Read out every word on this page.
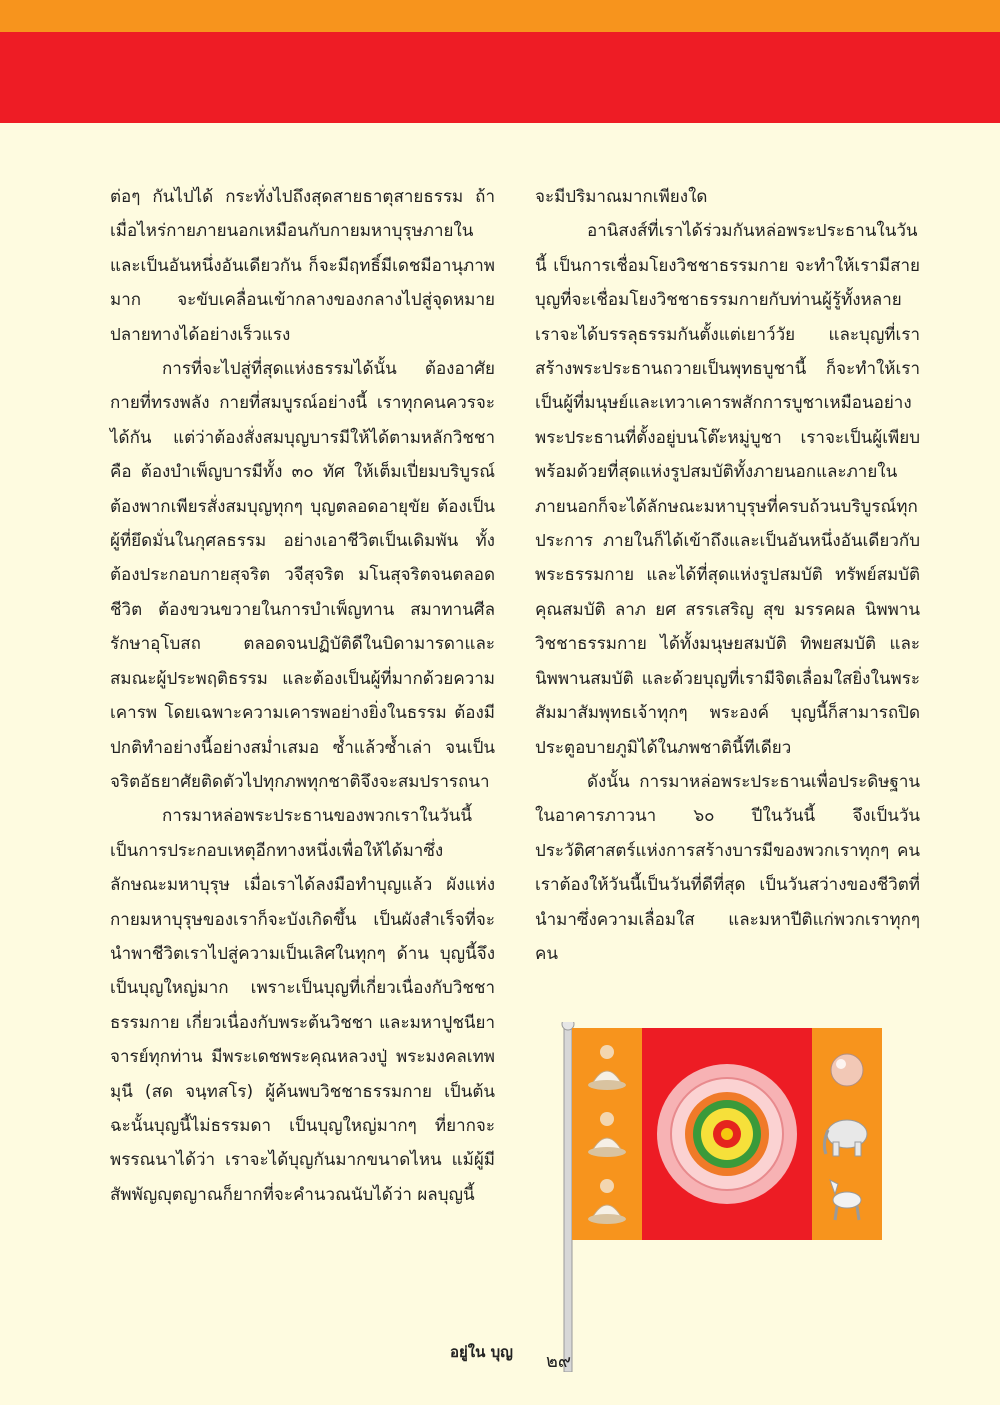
ต่อๆ กันไปได้ กระทั่งไปถึงสุดสายธาตุสายธรรม ถ้าเมื่อไหร่กายภายนอกเหมือนกับกายมหาบุรุษภายในและเป็นอันหนึ่งอันเดียวกัน ก็จะมีฤทธิ์มีเดชมีอานุภาพมาก จะขับเคลื่อนเข้ากลางของกลางไปสู่จุดหมายปลายทางได้อย่างเร็วแรง

การที่จะไปสู่ที่สุดแห่งธรรมได้นั้น ต้องอาศัยกายที่ทรงพลัง กายที่สมบูรณ์อย่างนี้ เราทุกคนควรจะได้กัน แต่ว่าต้องสั่งสมบุญบารมีให้ได้ตามหลักวิชชา คือ ต้องบำเพ็ญบารมีทั้ง ๓๐ ทัศ ให้เต็มเปี่ยมบริบูรณ์ ต้องพากเพียรสั่งสมบุญทุกๆ บุญตลอดอายุขัย ต้องเป็นผู้ที่ยึดมั่นในกุศลธรรม อย่างเอาชีวิตเป็นเดิมพัน ทั้งต้องประกอบกายสุจริต วจีสุจริต มโนสุจริตจนตลอดชีวิต ต้องขวนขวายในการบำเพ็ญทาน สมาทานศีล รักษาอุโบสถ ตลอดจนปฏิบัติดีในบิดามารดาและสมณะผู้ประพฤติธรรม และต้องเป็นผู้ที่มากด้วยความเคารพ โดยเฉพาะความเคารพอย่างยิ่งในธรรม ต้องมีปกติทำอย่างนี้อย่างสม่ำเสมอ ซ้ำแล้วซ้ำเล่า จนเป็นจริตอัธยาศัยติดตัวไปทุกภพทุกชาติจึงจะสมปรารถนา

การมาหล่อพระประธานของพวกเราในวันนี้ เป็นการประกอบเหตุอีกทางหนึ่งเพื่อให้ได้มาซึ่งลักษณะมหาบุรุษ เมื่อเราได้ลงมือทำบุญแล้ว ผังแห่งกายมหาบุรุษของเราก็จะบังเกิดขึ้น เป็นผังสำเร็จที่จะนำพาชีวิตเราไปสู่ความเป็นเลิศในทุกๆ ด้าน บุญนี้จึงเป็นบุญใหญ่มาก เพราะเป็นบุญที่เกี่ยวเนื่องกับวิชชาธรรมกาย เกี่ยวเนื่องกับพระต้นวิชชา และมหาปูชนียาจารย์ทุกท่าน มีพระเดชพระคุณหลวงปู่ พระมงคลเทพมุนี (สด จนฺทสโร) ผู้ค้นพบวิชชาธรรมกาย เป็นต้น ฉะนั้นบุญนี้ไม่ธรรมดา เป็นบุญใหญ่มากๆ ที่ยากจะพรรณนาได้ว่า เราจะได้บุญกันมากขนาดไหน แม้ผู้มีสัพพัญญุตญาณก็ยากที่จะคำนวณนับได้ว่า ผลบุญนี้

จะมีปริมาณมากเพียงใด

อานิสงส์ที่เราได้ร่วมกันหล่อพระประธานในวันนี้ เป็นการเชื่อมโยงวิชชาธรรมกาย จะทำให้เรามีสายบุญที่จะเชื่อมโยงวิชชาธรรมกายกับท่านผู้รู้ทั้งหลาย เราจะได้บรรลุธรรมกันตั้งแต่เยาว์วัย และบุญที่เราสร้างพระประธานถวายเป็นพุทธบูชานี้ ก็จะทำให้เราเป็นผู้ที่มนุษย์และเทวาเคารพสักการบูชาเหมือนอย่างพระประธานที่ตั้งอยู่บนโต๊ะหมู่บูชา เราจะเป็นผู้เพียบพร้อมด้วยที่สุดแห่งรูปสมบัติทั้งภายนอกและภายใน ภายนอกก็จะได้ลักษณะมหาบุรุษที่ครบถ้วนบริบูรณ์ทุกประการ ภายในก็ได้เข้าถึงและเป็นอันหนึ่งอันเดียวกับพระธรรมกาย และได้ที่สุดแห่งรูปสมบัติ ทรัพย์สมบัติ คุณสมบัติ ลาภ ยศ สรรเสริญ สุข มรรคผล นิพพาน วิชชาธรรมกาย ได้ทั้งมนุษยสมบัติ ทิพยสมบัติ และนิพพานสมบัติ และด้วยบุญที่เรามีจิตเลื่อมใสยิ่งในพระสัมมาสัมพุทธเจ้าทุกๆ พระองค์ บุญนี้ก็สามารถปิดประตูอบายภูมิได้ในภพชาตินี้ทีเดียว

ดังนั้น การมาหล่อพระประธานเพื่อประดิษฐานในอาคารภาวนา ๖๐ ปีในวันนี้ จึงเป็นวันประวัติศาสตร์แห่งการสร้างบารมีของพวกเราทุกๆ คน เราต้องให้วันนี้เป็นวันที่ดีที่สุด เป็นวันสว่างของชีวิตที่นำมาซึ่งความเลื่อมใส และมหาปีติแก่พวกเราทุกๆ คน

อยู่ใน บุญ ๒๙
